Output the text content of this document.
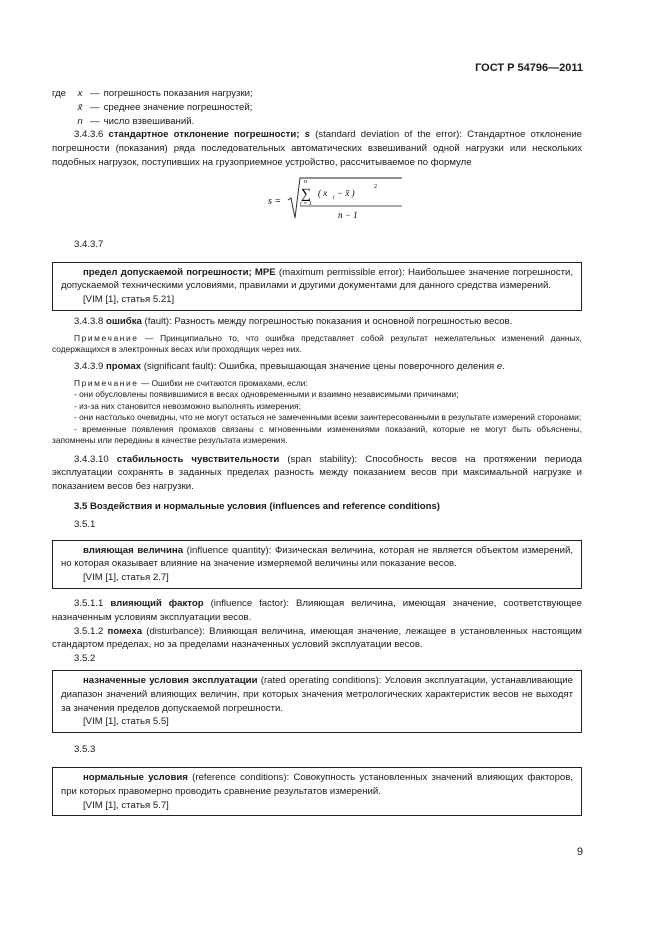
ГОСТ Р 54796—2011
где	x — погрешность показания нагрузки;
x̄ — среднее значение погрешностей;
n — число взвешиваний.

3.4.3.6 стандартное отклонение погрешности; s (standard deviation of the error): Стандартное отклонение погрешности (показания) ряда последовательных автоматических взвешиваний одной нагрузки или нескольких подобных нагрузок, поступивших на грузоприемное устройство, рассчитываемое по формуле

s =
n
∑
i = 1
( x i − x̄ )
2
n − 1

3.4.3.7

предел допускаемой погрешности; MPE (maximum permissible error): Наибольшее значение погрешности, допускаемой техническими условиями, правилами и другими документами для данного средства измерений.

[VIM [1], статья 5.21]

3.4.3.8 ошибка (fault): Разность между погрешностью показания и основной погрешностью весов.

Примечание — Принципиально то, что ошибка представляет собой результат нежелательных изменений данных, содержащихся в электронных весах или проходящих через них.

3.4.3.9 промах (significant fault): Ошибка, превышающая значение цены поверочного деления e.

Примечание — Ошибки не считаются промахами, если:

- они обусловлены появившимися в весах одновременными и взаимно независимыми причинами;

- из-за них становится невозможно выполнять измерения;

- они настолько очевидны, что не могут остаться не замеченными всеми заинтересованными в результате измерений сторонами;

- временные появления промахов связаны с мгновенными изменениями показаний, которые не могут быть объяснены, запомнены или переданы в качестве результата измерения.

3.4.3.10 стабильность чувствительности (span stability): Способность весов на протяжении периода эксплуатации сохранять в заданных пределах разность между показанием весов при максимальной нагрузке и показанием весов без нагрузки.

3.5 Воздействия и нормальные условия (influences and reference conditions)

3.5.1

влияющая величина (influence quantity): Физическая величина, которая не является объектом измерений, но которая оказывает влияние на значение измеряемой величины или показание весов.

[VIM [1], статья 2.7]

3.5.1.1 влияющий фактор (influence factor): Влияющая величина, имеющая значение, соответствующее назначенным условиям эксплуатации весов.

3.5.1.2 помеха (disturbance): Влияющая величина, имеющая значение, лежащее в установленных настоящим стандартом пределах, но за пределами назначенных условий эксплуатации весов.

3.5.2

назначенные условия эксплуатации (rated operating conditions): Условия эксплуатации, устанавливающие диапазон значений влияющих величин, при которых значения метрологических характеристик весов не выходят за значения пределов допускаемой погрешности.

[VIM [1], статья 5.5]

3.5.3

нормальные условия (reference conditions): Совокупность установленных значений влияющих факторов, при которых правомерно проводить сравнение результатов измерений.

[VIM [1], статья 5.7]

9
